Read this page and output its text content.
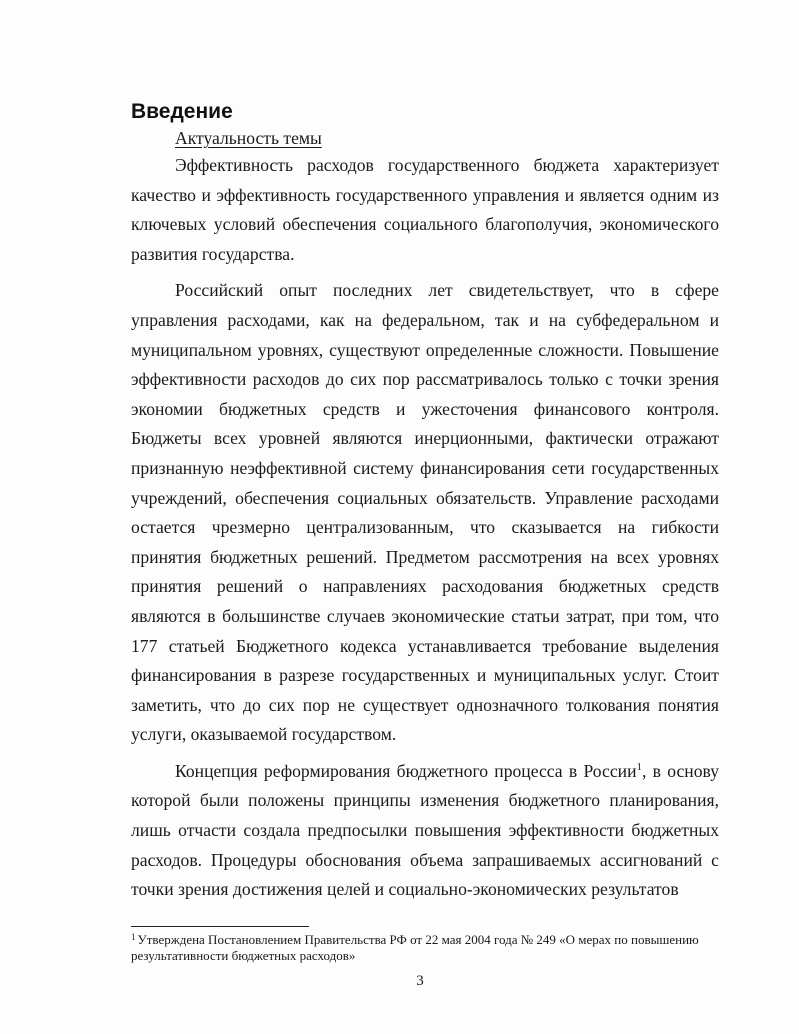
Введение

Актуальность темы

Эффективность расходов государственного бюджета характеризует качество и эффективность государственного управления и является одним из ключевых условий обеспечения социального благополучия, экономического развития государства.

Российский опыт последних лет свидетельствует, что в сфере управления расходами, как на федеральном, так и на субфедеральном и муниципальном уровнях, существуют определенные сложности. Повышение эффективности расходов до сих пор рассматривалось только с точки зрения экономии бюджетных средств и ужесточения финансового контроля. Бюджеты всех уровней являются инерционными, фактически отражают признанную неэффективной систему финансирования сети государственных учреждений, обеспечения социальных обязательств. Управление расходами остается чрезмерно централизованным, что сказывается на гибкости принятия бюджетных решений. Предметом рассмотрения на всех уровнях принятия решений о направлениях расходования бюджетных средств являются в большинстве случаев экономические статьи затрат, при том, что 177 статьей Бюджетного кодекса устанавливается требование выделения финансирования в разрезе государственных и муниципальных услуг. Стоит заметить, что до сих пор не существует однозначного толкования понятия услуги, оказываемой государством.

Концепция реформирования бюджетного процесса в России$^1$, в основу которой были положены принципы изменения бюджетного планирования, лишь отчасти создала предпосылки повышения эффективности бюджетных расходов. Процедуры обоснования объема запрашиваемых ассигнований с точки зрения достижения целей и социально-экономических результатов

$^1$ Утверждена Постановлением Правительства РФ от 22 мая 2004 года № 249 «О мерах по повышению результативности бюджетных расходов»

3
